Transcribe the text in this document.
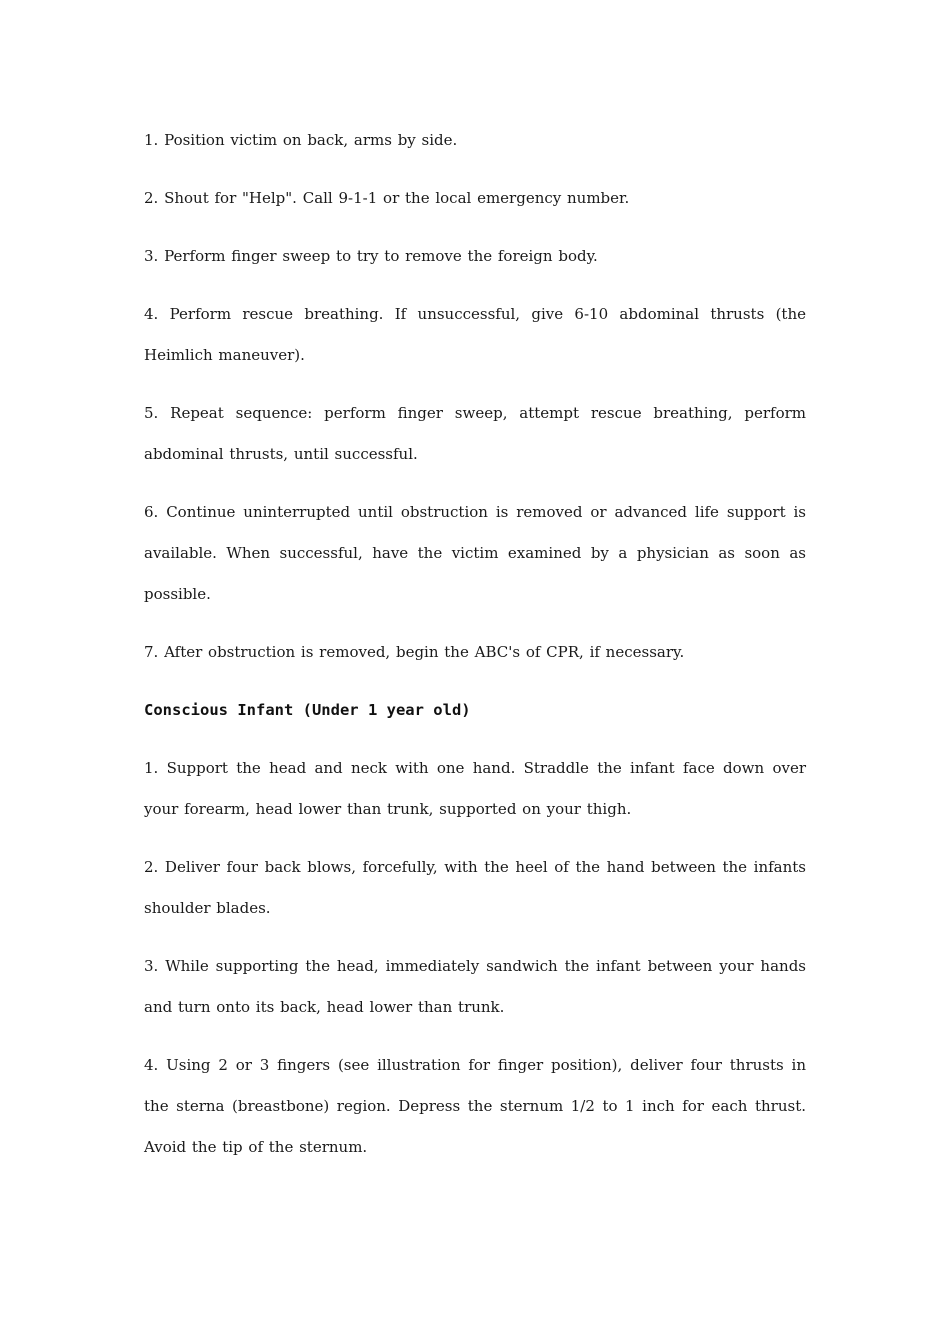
1. Position victim on back, arms by side.

2. Shout for "Help". Call 9-1-1 or the local emergency number.

3. Perform finger sweep to try to remove the foreign body.

4. Perform rescue breathing. If unsuccessful, give 6-10 abdominal thrusts (the Heimlich maneuver).

5. Repeat sequence: perform finger sweep, attempt rescue breathing, perform abdominal thrusts, until successful.

6. Continue uninterrupted until obstruction is removed or advanced life support is available. When successful, have the victim examined by a physician as soon as possible.

7. After obstruction is removed, begin the ABC's of CPR, if necessary.

Conscious Infant (Under 1 year old)

1. Support the head and neck with one hand. Straddle the infant face down over your forearm, head lower than trunk, supported on your thigh.

2. Deliver four back blows, forcefully, with the heel of the hand between the infants shoulder blades.

3. While supporting the head, immediately sandwich the infant between your hands and turn onto its back, head lower than trunk.

4. Using 2 or 3 fingers (see illustration for finger position), deliver four thrusts in the sterna (breastbone) region. Depress the sternum 1/2 to 1 inch for each thrust. Avoid the tip of the sternum.
